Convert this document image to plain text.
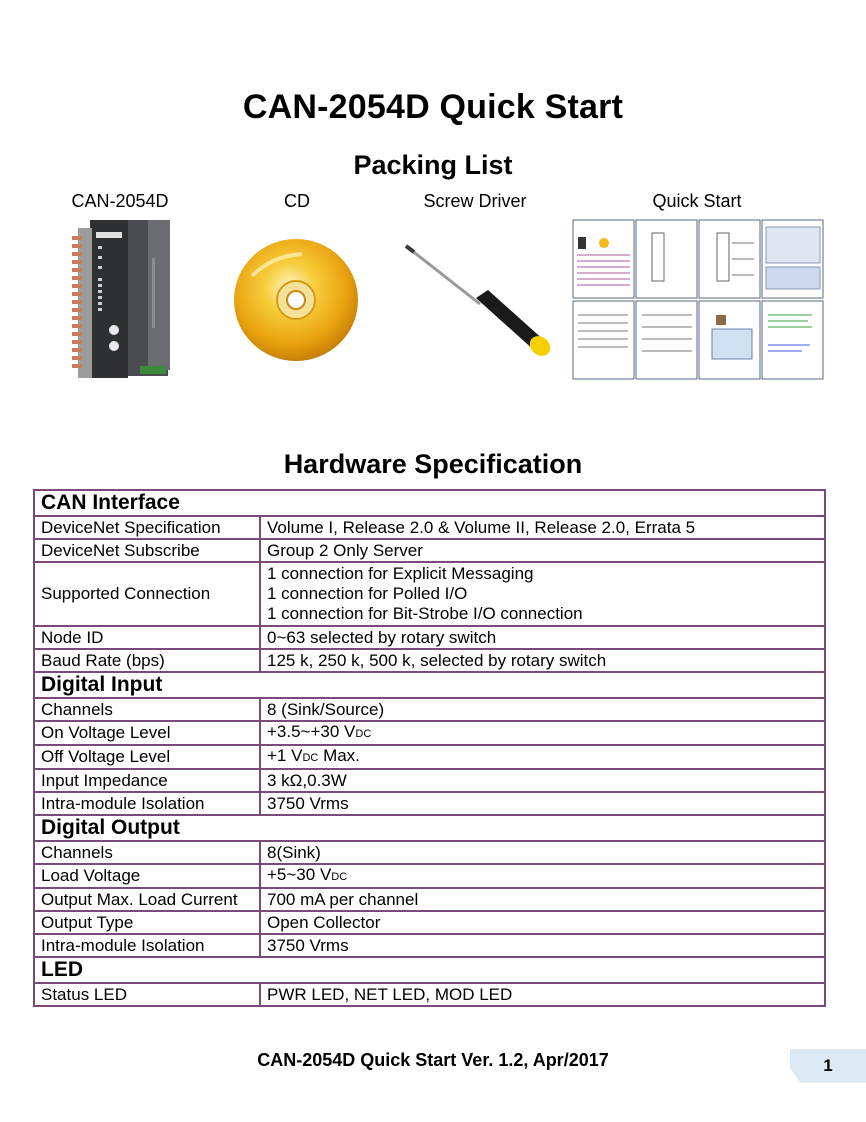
CAN-2054D Quick Start
Packing List
CAN-2054D	CD	Screw Driver	Quick Start
Hardware Specification
CAN Interface	
DeviceNet Specification	Volume I, Release 2.0 & Volume II, Release 2.0, Errata 5
DeviceNet Subscribe	Group 2 Only Server
Supported Connection	1 connection for Explicit Messaging
1 connection for Polled I/O
1 connection for Bit-Strobe I/O connection

Node ID	0~63 selected by rotary switch
Baud Rate (bps)	125 k, 250 k, 500 k, selected by rotary switch
Digital Input	
Channels	8 (Sink/Source)
On Voltage Level	+3.5~+30 VDC
Off Voltage Level	+1 VDC Max.
Input Impedance	3 kΩ,0.3W
Intra-module Isolation	3750 Vrms
Digital Output	
Channels	8(Sink)
Load Voltage	+5~30 VDC
Output Max. Load Current	700 mA per channel
Output Type	Open Collector
Intra-module Isolation	3750 Vrms
LED	
Status LED	PWR LED, NET LED, MOD LED
CAN-2054D Quick Start Ver. 1.2, Apr/2017	1
